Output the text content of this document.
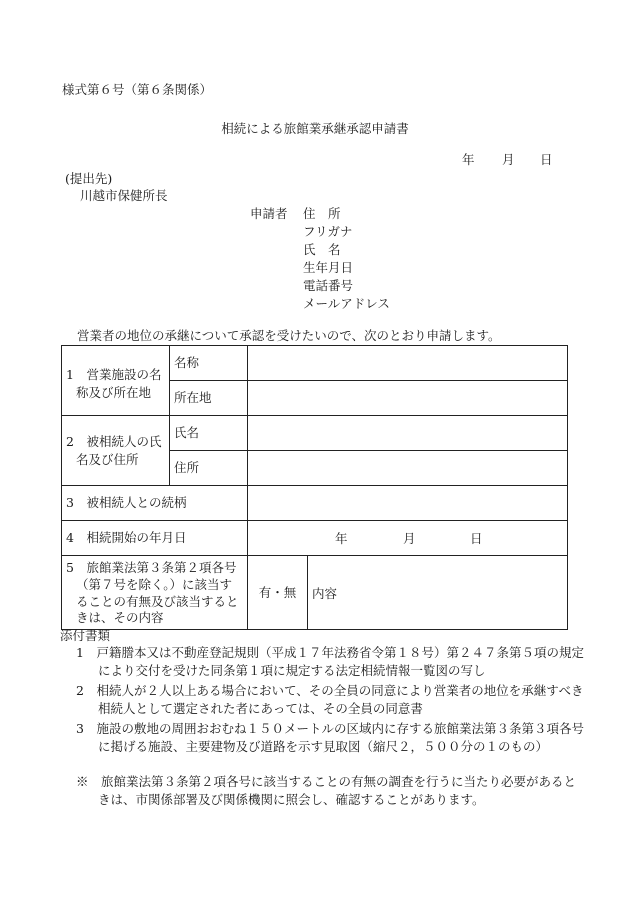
様式第６号（第６条関係）
相続による旅館業承継承認申請書
年 月 日
(提出先)
川越市保健所長
申請者 住　所
フリガナ
氏　名
生年月日
電話番号
メールアドレス
営業者の地位の承継について承認を受けたいので、次のとおり申請します。
1　営業施設の名称及び所在地	名称		
	所在地		
2　被相続人の氏名及び住所	氏名		
	住所		
3　被相続人との続柄			
4　相続開始の年月日		年 月 日	

5　旅館業法第３条第２項各号（第７号を除く。）に該当することの有無及び該当するときは、その内容		有・無	内容
添付書類
1　戸籍謄本又は不動産登記規則（平成１７年法務省令第１８号）第２４７条第５項の規定により交付を受けた同条第１項に規定する法定相続情報一覧図の写し
2　相続人が２人以上ある場合において、その全員の同意により営業者の地位を承継すべき相続人として選定された者にあっては、その全員の同意書
3　施設の敷地の周囲おおむね１５０メートルの区域内に存する旅館業法第３条第３項各号に掲げる施設、主要建物及び道路を示す見取図（縮尺２，５００分の１のもの）
※　旅館業法第３条第２項各号に該当することの有無の調査を行うに当たり必要があるときは、市関係部署及び関係機関に照会し、確認することがあります。
